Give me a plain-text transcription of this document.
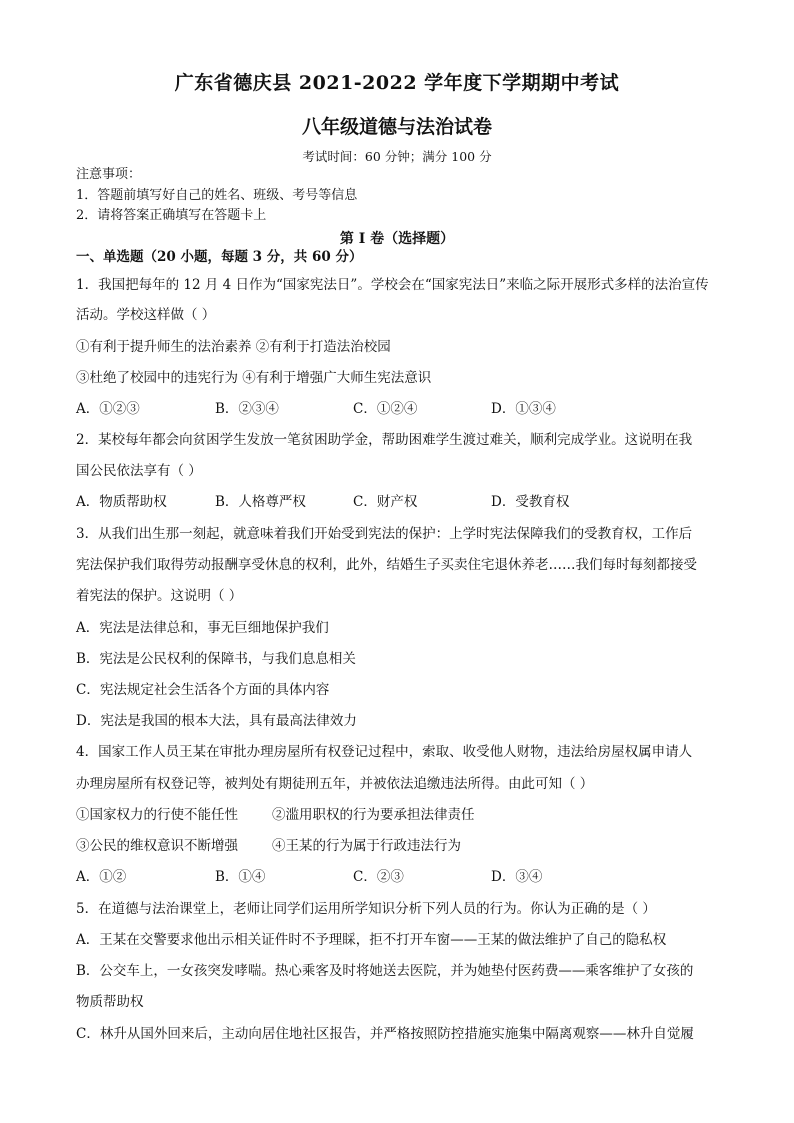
广东省德庆县 2021-2022 学年度下学期期中考试
八年级道德与法治试卷
考试时间：60 分钟；满分 100 分
注意事项：
1．答题前填写好自己的姓名、班级、考号等信息
2．请将答案正确填写在答题卡上
第 I 卷（选择题）
一、单选题（20 小题，每题 3 分，共 60 分）
1．我国把每年的 12 月 4 日作为“国家宪法日”。学校会在“国家宪法日”来临之际开展形式多样的法治宣传
活动。学校这样做（ ）
①有利于提升师生的法治素养 ②有利于打造法治校园
③杜绝了校园中的违宪行为 ④有利于增强广大师生宪法意识
A．①②③	B．②③④	C．①②④	D．①③④
2．某校每年都会向贫困学生发放一笔贫困助学金，帮助困难学生渡过难关，顺利完成学业。这说明在我
国公民依法享有（ ）
A．物质帮助权	B．人格尊严权	C．财产权	D．受教育权
3．从我们出生那一刻起，就意味着我们开始受到宪法的保护：上学时宪法保障我们的受教育权，工作后
宪法保护我们取得劳动报酬享受休息的权利，此外，结婚生子买卖住宅退休养老……我们每时每刻都接受
着宪法的保护。这说明（ ）
A．宪法是法律总和，事无巨细地保护我们
B．宪法是公民权利的保障书，与我们息息相关
C．宪法规定社会生活各个方面的具体内容
D．宪法是我国的根本大法，具有最高法律效力
4．国家工作人员王某在审批办理房屋所有权登记过程中，索取、收受他人财物，违法给房屋权属申请人
办理房屋所有权登记等，被判处有期徒刑五年，并被依法追缴违法所得。由此可知（ ）
①国家权力的行使不能任性	②滥用职权的行为要承担法律责任
③公民的维权意识不断增强	④王某的行为属于行政违法行为
A．①②	B．①④	C．②③	D．③④
5．在道德与法治课堂上，老师让同学们运用所学知识分析下列人员的行为。你认为正确的是（ ）
A．王某在交警要求他出示相关证件时不予理睬，拒不打开车窗——王某的做法维护了自己的隐私权
B．公交车上，一女孩突发哮喘。热心乘客及时将她送去医院，并为她垫付医药费——乘客维护了女孩的
物质帮助权
C．林升从国外回来后，主动向居住地社区报告，并严格按照防控措施实施集中隔离观察——林升自觉履
